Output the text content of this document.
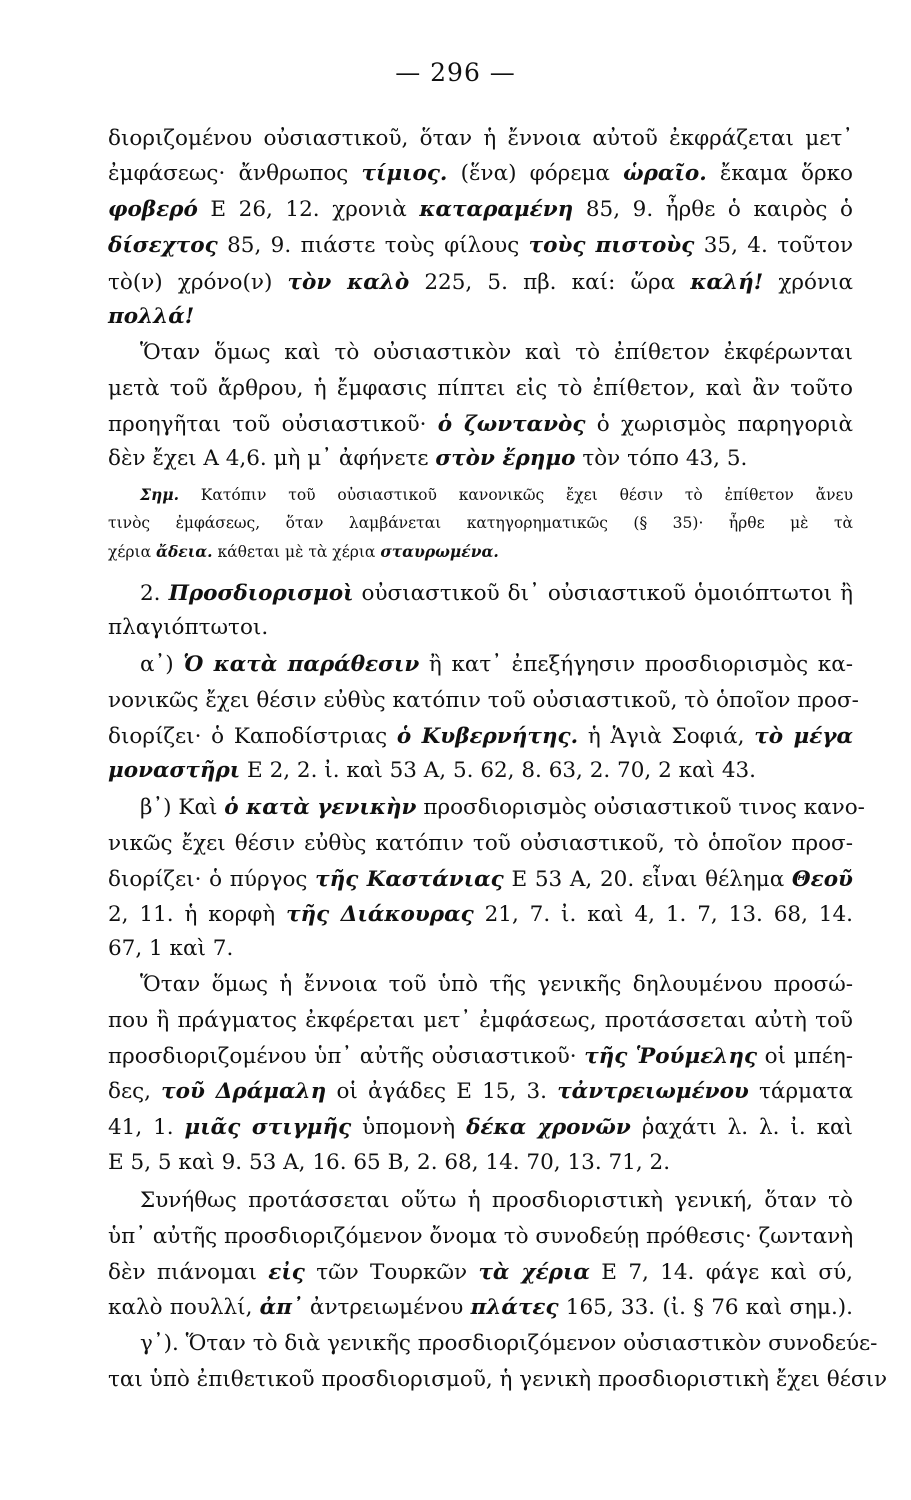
— 296 —
διοριζομένου οὐσιαστικοῦ, ὅταν ἡ ἔννοια αὐτοῦ ἐκφράζεται μετ᾽
ἐμφάσεως· ἄνθρωπος τίμιος. (ἕνα) φόρεμα ὡραῖο. ἔκαμα ὅρκο
φοβερό Ε 26, 12. χρονιὰ καταραμένη 85, 9. ἦρθε ὁ καιρὸς ὁ
δίσεχτος 85, 9. πιάστε τοὺς φίλους τοὺς πιστοὺς 35, 4. τοῦτον
τὸ(ν) χρόνο(ν) τὸν καλὸ 225, 5. πβ. καί: ὥρα καλή! χρόνια
πολλά!
Ὅταν ὅμως καὶ τὸ οὐσιαστικὸν καὶ τὸ ἐπίθετον ἐκφέρωνται
μετὰ τοῦ ἄρθρου, ἡ ἔμφασις πίπτει εἰς τὸ ἐπίθετον, καὶ ἂν τοῦτο
προηγῆται τοῦ οὐσιαστικοῦ· ὁ ζωντανὸς ὁ χωρισμὸς παρηγοριὰ
δὲν ἔχει Α 4,6. μὴ μ᾽ ἀφήνετε στὸν ἔρημο τὸν τόπο 43, 5.
Σημ. Κατόπιν τοῦ οὐσιαστικοῦ κανονικῶς ἔχει θέσιν τὸ ἐπίθετον ἄνευ
τινὸς ἐμφάσεως, ὅταν λαμβάνεται κατηγορηματικῶς (§ 35)· ἦρθε μὲ τὰ
χέρια ἄδεια. κάθεται μὲ τὰ χέρια σταυρωμένα.
2. Προσδιορισμοὶ οὐσιαστικοῦ δι᾽ οὐσιαστικοῦ ὁμοιόπτωτοι ἢ
πλαγιόπτωτοι.
α᾽) Ὁ κατὰ παράθεσιν ἢ κατ᾽ ἐπεξήγησιν προσδιορισμὸς κα-
νονικῶς ἔχει θέσιν εὐθὺς κατόπιν τοῦ οὐσιαστικοῦ, τὸ ὁποῖον προσ-
διορίζει· ὁ Καποδίστριας ὁ Κυβερνήτης. ἡ Ἁγιὰ Σοφιά, τὸ μέγα
μοναστῆρι Ε 2, 2. ἰ. καὶ 53 Α, 5. 62, 8. 63, 2. 70, 2 καὶ 43.
β᾽) Καὶ ὁ κατὰ γενικὴν προσδιορισμὸς οὐσιαστικοῦ τινος κανο-
νικῶς ἔχει θέσιν εὐθὺς κατόπιν τοῦ οὐσιαστικοῦ, τὸ ὁποῖον προσ-
διορίζει· ὁ πύργος τῆς Καστάνιας Ε 53 Α, 20. εἶναι θέλημα Θεοῦ
2, 11. ἡ κορφὴ τῆς Διάκουρας 21, 7. ἰ. καὶ 4, 1. 7, 13. 68, 14.
67, 1 καὶ 7.
Ὅταν ὅμως ἡ ἔννοια τοῦ ὑπὸ τῆς γενικῆς δηλουμένου προσώ-
που ἢ πράγματος ἐκφέρεται μετ᾽ ἐμφάσεως, προτάσσεται αὐτὴ τοῦ
προσδιοριζομένου ὑπ᾽ αὐτῆς οὐσιαστικοῦ· τῆς Ῥούμελης οἱ μπέη-
δες, τοῦ Δράμαλη οἱ ἀγάδες Ε 15, 3. τἀντρειωμένου τάρματα
41, 1. μιᾶς στιγμῆς ὑπομονὴ δέκα χρονῶν ῥαχάτι λ. λ. ἰ. καὶ
Ε 5, 5 καὶ 9. 53 Α, 16. 65 Β, 2. 68, 14. 70, 13. 71, 2.
Συνήθως προτάσσεται οὕτω ἡ προσδιοριστικὴ γενική, ὅταν τὸ
ὑπ᾽ αὐτῆς προσδιοριζόμενον ὄνομα τὸ συνοδεύῃ πρόθεσις· ζωντανὴ
δὲν πιάνομαι εἰς τῶν Τουρκῶν τὰ χέρια Ε 7, 14. φάγε καὶ σύ,
καλὸ πουλλί, ἀπ᾽ ἀντρειωμένου πλάτες 165, 33. (ἰ. § 76 καὶ σημ.).
γ᾽). Ὅταν τὸ διὰ γενικῆς προσδιοριζόμενον οὐσιαστικὸν συνοδεύε-
ται ὑπὸ ἐπιθετικοῦ προσδιορισμοῦ, ἡ γενικὴ προσδιοριστικὴ ἔχει θέσιν
